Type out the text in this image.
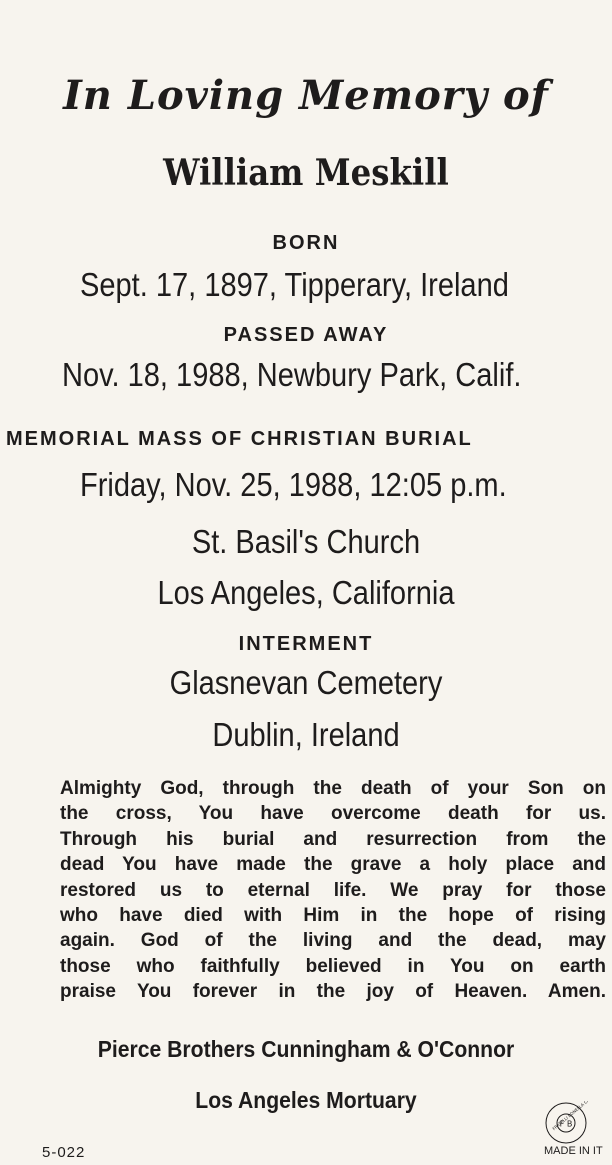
In Loving Memory of
William Meskill
BORN
Sept. 17, 1897, Tipperary, Ireland
PASSED AWAY
Nov. 18, 1988, Newbury Park, Calif.
MEMORIAL MASS OF CHRISTIAN BURIAL
Friday, Nov. 25, 1988, 12:05 p.m.
St. Basil's Church
Los Angeles, California
INTERMENT
Glasnevan Cemetery
Dublin, Ireland
Almighty God, through the death of your Son on
the cross, You have overcome death for us.
Through his burial and resurrection from the
dead You have made the grave a holy place and
restored us to eternal life. We pray for those
who have died with Him in the hope of rising
again. God of the living and the dead, may
those who faithfully believed in You on earth
praise You forever in the joy of Heaven. Amen.
Pierce Brothers Cunningham & O'Connor
Los Angeles Mortuary
F B
FRATELLI BONELLA
5-022	MADE IN IT
